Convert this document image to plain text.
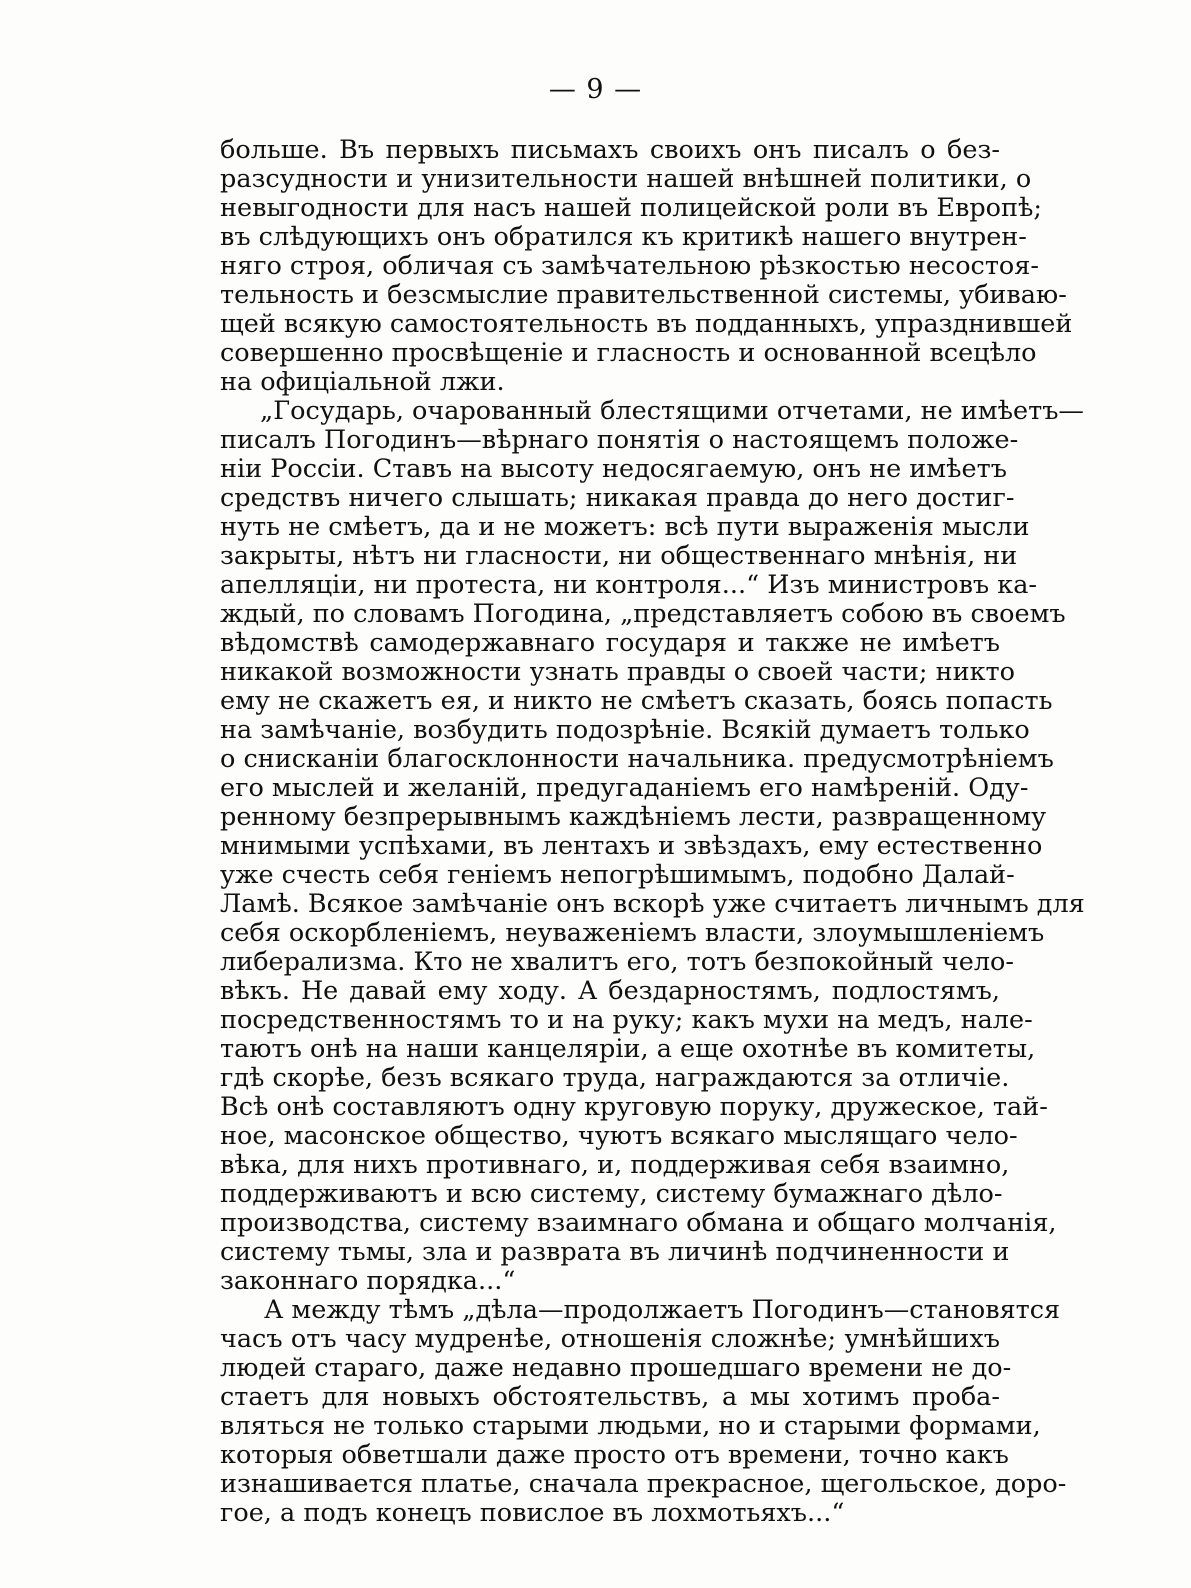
— 9 —
больше. Въ первыхъ письмахъ своихъ онъ писалъ о без-
разсудности и унизительности нашей внѣшней политики, о
невыгодности для насъ нашей полицейской роли въ Европѣ;
въ слѣдующихъ онъ обратился къ критикѣ нашего внутрен-
няго строя, обличая съ замѣчательною рѣзкостью несостоя-
тельность и безсмыслие правительственной системы, убиваю-
щей всякую самостоятельность въ подданныхъ, упразднившей
совершенно просвѣщеніе и гласность и основанной всецѣло
на офиціальной лжи.
„Государь, очарованный блестящими отчетами, не имѣетъ—
писалъ Погодинъ—вѣрнаго понятія о настоящемъ положе-
ніи Россіи. Ставъ на высоту недосягаемую, онъ не имѣетъ
средствъ ничего слышать; никакая правда до него достиг-
нуть не смѣетъ, да и не можетъ: всѣ пути выраженія мысли
закрыты, нѣтъ ни гласности, ни общественнаго мнѣнія, ни
апелляціи, ни протеста, ни контроля...“ Изъ министровъ ка-
ждый, по словамъ Погодина, „представляетъ собою въ своемъ
вѣдомствѣ самодержавнаго государя и также не имѣетъ
никакой возможности узнать правды о своей части; никто
ему не скажетъ ея, и никто не смѣетъ сказать, боясь попасть
на замѣчаніе, возбудить подозрѣніе. Всякій думаетъ только
о снисканіи благосклонности начальника. предусмотрѣніемъ
его мыслей и желаній, предугаданіемъ его намѣреній. Оду-
ренному безпрерывнымъ каждѣніемъ лести, развращенному
мнимыми успѣхами, въ лентахъ и звѣздахъ, ему естественно
уже счесть себя геніемъ непогрѣшимымъ, подобно Далай-
Ламѣ. Всякое замѣчаніе онъ вскорѣ уже считаетъ личнымъ для
себя оскорбленіемъ, неуваженіемъ власти, злоумышленіемъ
либерализма. Кто не хвалитъ его, тотъ безпокойный чело-
вѣкъ. Не давай ему ходу. А бездарностямъ, подлостямъ,
посредственностямъ то и на руку; какъ мухи на медъ, нале-
таютъ онѣ на наши канцеляріи, а еще охотнѣе въ комитеты,
гдѣ скорѣе, безъ всякаго труда, награждаются за отличіе.
Всѣ онѣ составляютъ одну круговую поруку, дружеское, тай-
ное, масонское общество, чуютъ всякаго мыслящаго чело-
вѣка, для нихъ противнаго, и, поддерживая себя взаимно,
поддерживаютъ и всю систему, систему бумажнаго дѣло-
производства, систему взаимнаго обмана и общаго молчанія,
систему тьмы, зла и разврата въ личинѣ подчиненности и
законнаго порядка...“
А между тѣмъ „дѣла—продолжаетъ Погодинъ—становятся
часъ отъ часу мудренѣе, отношенія сложнѣе; умнѣйшихъ
людей стараго, даже недавно прошедшаго времени не до-
стаетъ для новыхъ обстоятельствъ, а мы хотимъ проба-
вляться не только старыми людьми, но и старыми формами,
которыя обветшали даже просто отъ времени, точно какъ
изнашивается платье, сначала прекрасное, щегольское, доро-
гое, а подъ конецъ повислое въ лохмотьяхъ...“
